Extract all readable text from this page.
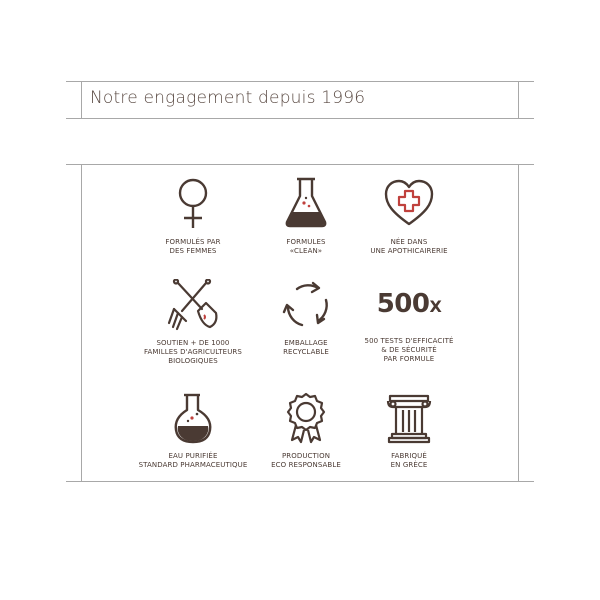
Notre engagement depuis 1996
FORMULÉS PAR
DES FEMMES
FORMULES
«CLEAN»
NÉE DANS
UNE APOTHICAIRERIE
SOUTIEN + DE 1000
FAMILLES D'AGRICULTEURS
BIOLOGIQUES
EMBALLAGE
RECYCLABLE
500X
500 TESTS D'EFFICACITÉ
& DE SÉCURITÉ
PAR FORMULE
EAU PURIFIÉE
STANDARD PHARMACEUTIQUE
PRODUCTION
ECO RESPONSABLE
FABRIQUÉ
EN GRÈCE
